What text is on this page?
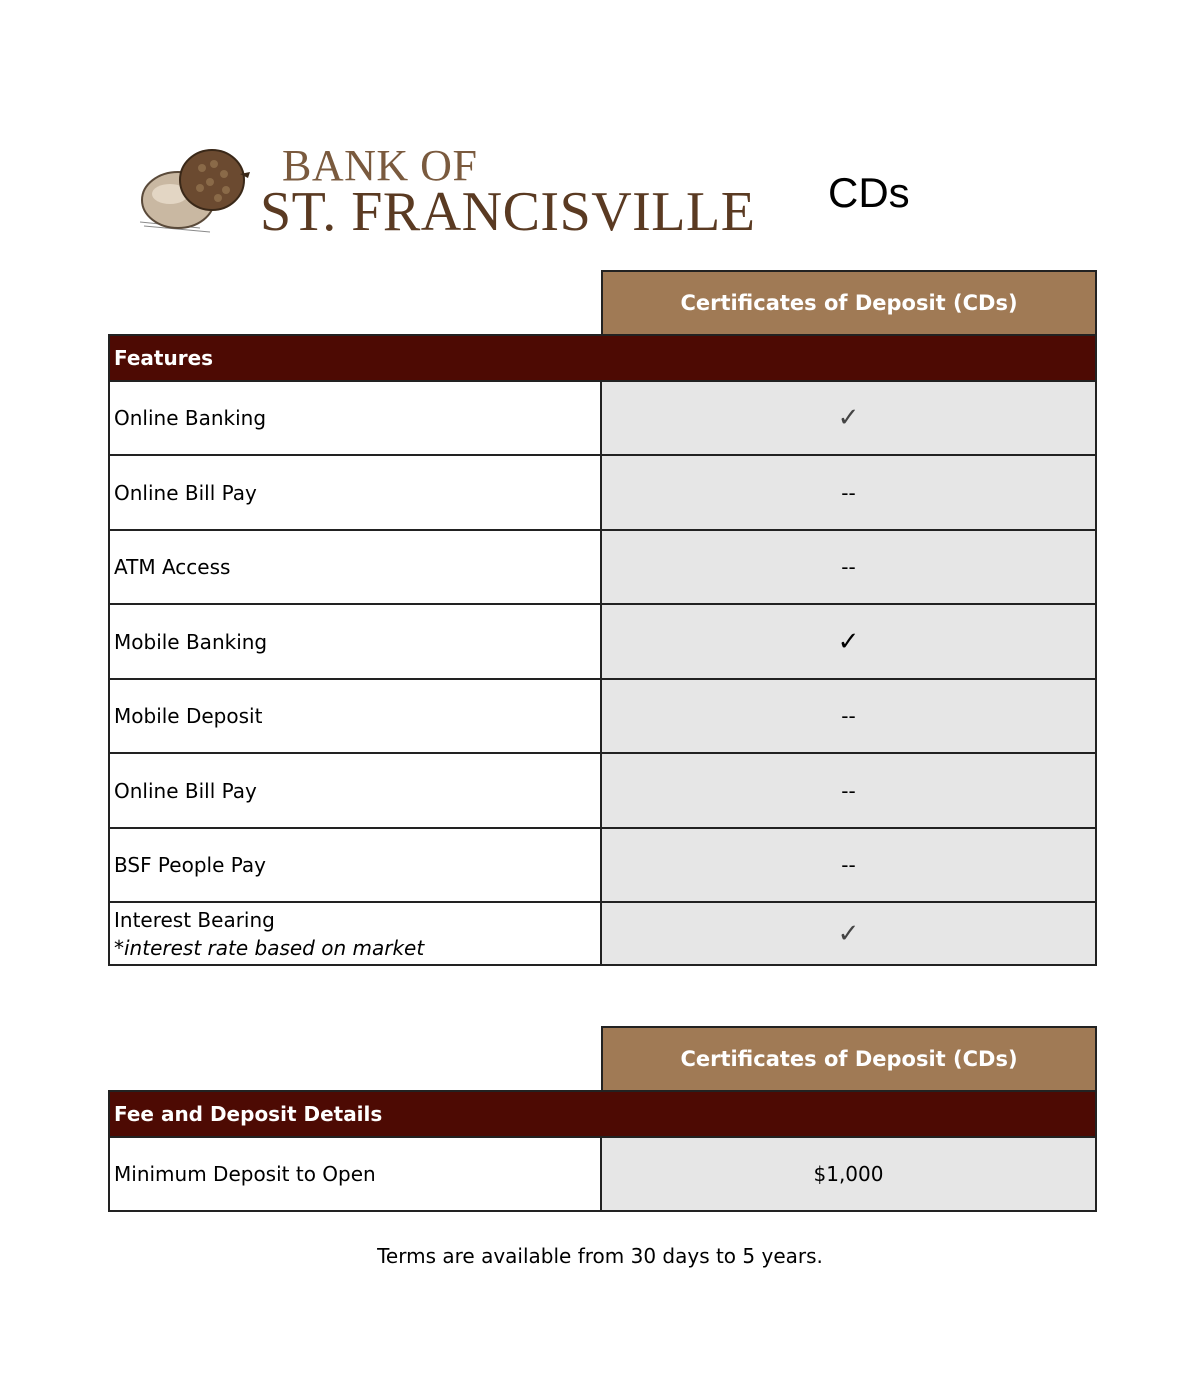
BANK OF
ST. FRANCISVILLE CDs
Certificates of Deposit (CDs)
Features
Online Banking	✓
Online Bill Pay	--
ATM Access	--
Mobile Banking	✓
Mobile Deposit	--
Online Bill Pay	--
BSF People Pay	--
Interest Bearing
*interest rate based on market	✓
Certificates of Deposit (CDs)
Fee and Deposit Details
Minimum Deposit to Open	$1,000
Terms are available from 30 days to 5 years.
